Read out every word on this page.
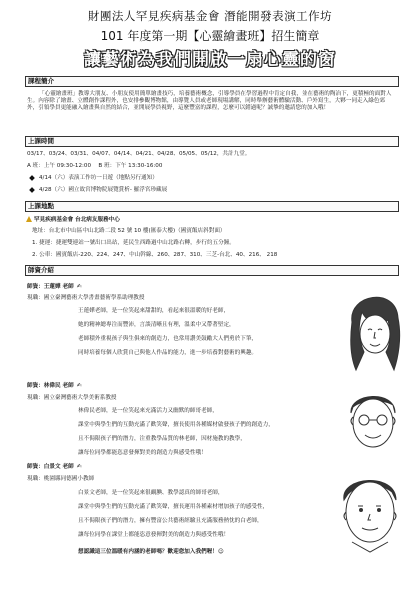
財團法人罕見疾病基金會 潛能開發表演工作坊
101 年度第一期【心靈繪畫班】招生簡章
讓藝術為我們開啟一扇心靈的窗
課程簡介
「心靈繪畫班」教導大朋友、小朋友使用簡單繪畫技巧，培養藝術概念，引導學員在學習過程中肯定自我，並在藝術的陶冶下，更積極的面對人生。內容除了繪畫、立體創作課程外，也安排參觀博物館，由導覽人員或老師現場講解，同時舉辦藝術體驗活動、戶外寫生，大夥一同走入綠色郊外，引領學員更能融入繪畫與自然的結合，並開展學員視野，這麼豐富的課程，怎麼可以錯過呢？誠摯的邀請您的加入哦！
上課時間
03/17、03/24、03/31、04/07、04/14、04/21、04/28、05/05、05/12，共計九堂。
A 班：上午 09:30-12:00　 B 班：下午 13:30-16:00
4/14（六）表演工作坊一日遊（地點另行通知）
4/28（六）國立故宮博物院展覽賞析- 羅浮宮珍藏展
上課地點
罕見疾病基金會 台北病友服務中心
地址：台北市中山區中山北路二段 52 號 10 樓(匯泰大樓)（國賓飯店斜對面）
1. 捷運：捷運雙連站一號出口出站，延民生西路過中山北路右轉，步行約五分鐘。
2. 公車：國賓飯店-220、224、247、中山幹線、260、287、310、三芝-台北、40、216、 218
師資介紹
師資：王蓮嬅 老師 ✍
現職：國立臺灣藝術大學書畫藝術學系助理教授
王蓮嬅老師，是一位笑起來甜甜的，看起來很溫暖的好老師，
她的精神總專注而豐沛，言談清晰且有理，溫柔中又帶著堅定，
老師積外重視孩子與生俱來的創造力，也常用讚美鼓勵大人們勇於下筆，
同時培養每個人欣賞自己與他人作品的能力，進一步培養對藝術的興趣。
師資：林偉民 老師 ✍
現職：國立臺灣藝術大學美術系教授
林偉民老師，是一位笑起來充滿活力又幽默的師哥老師，
課堂中與學生們的互動充滿了歡笑聲，擅長使用各種媒材啟發孩子們的創造力，
且不侷限孩子們的潛力，注重教學品質的林老師，因材施教的教學，
讓每位同學都能恣意發揮對美的創造力與感受性哦！
師資：白景文 老師 ✍
現職：桃園縣同德國小教師
白景文老師，是一位笑起來很靦腆、教學認真的師哥老師，
課堂中與學生們的互動充滿了歡笑聲，擅長運用各種素材增加孩子的感受性，
且不侷限孩子們的潛力，擁有豐富公共藝術經驗且充滿服務熱忱的白老師，
讓每位同學在課堂上都能恣意發揮對美的創造力與感受性哦！
想認識這三位溫暖有内涵的老師嗎？歡迎您加入我們喔！☺
